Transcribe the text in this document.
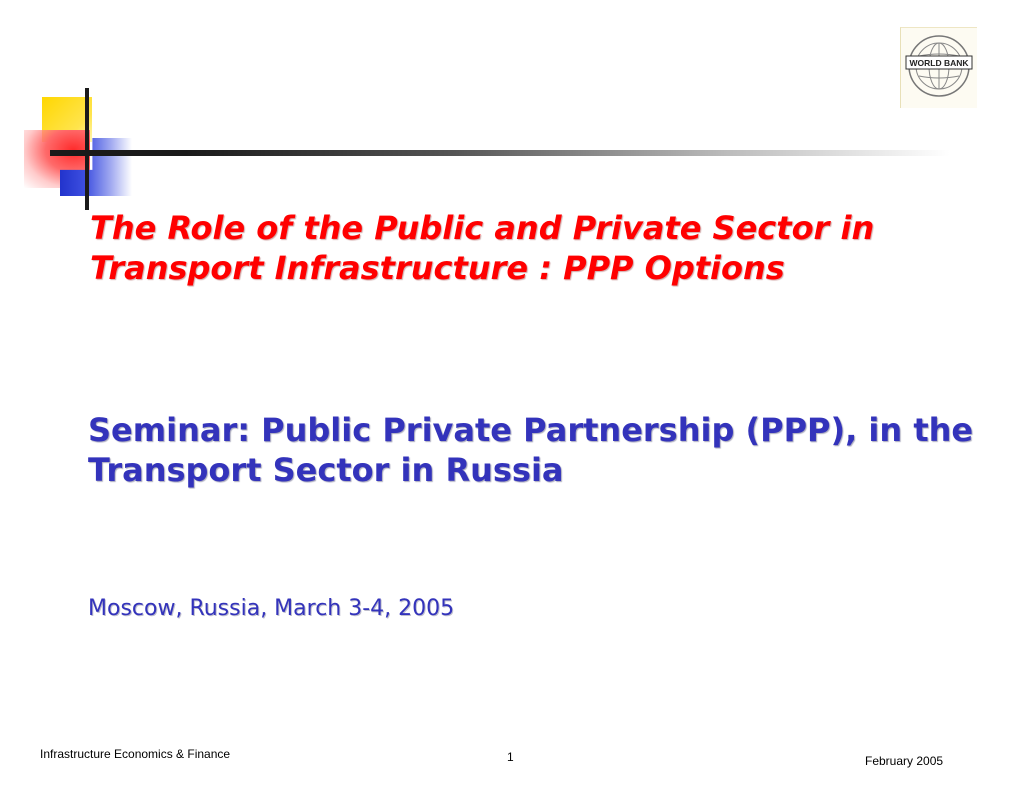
WORLD BANK
The Role of the Public and Private Sector in Transport Infrastructure : PPP Options
Seminar: Public Private Partnership (PPP), in the Transport Sector in Russia

Moscow, Russia, March 3-4, 2005

Infrastructure Economics & Finance	1	February 2005
